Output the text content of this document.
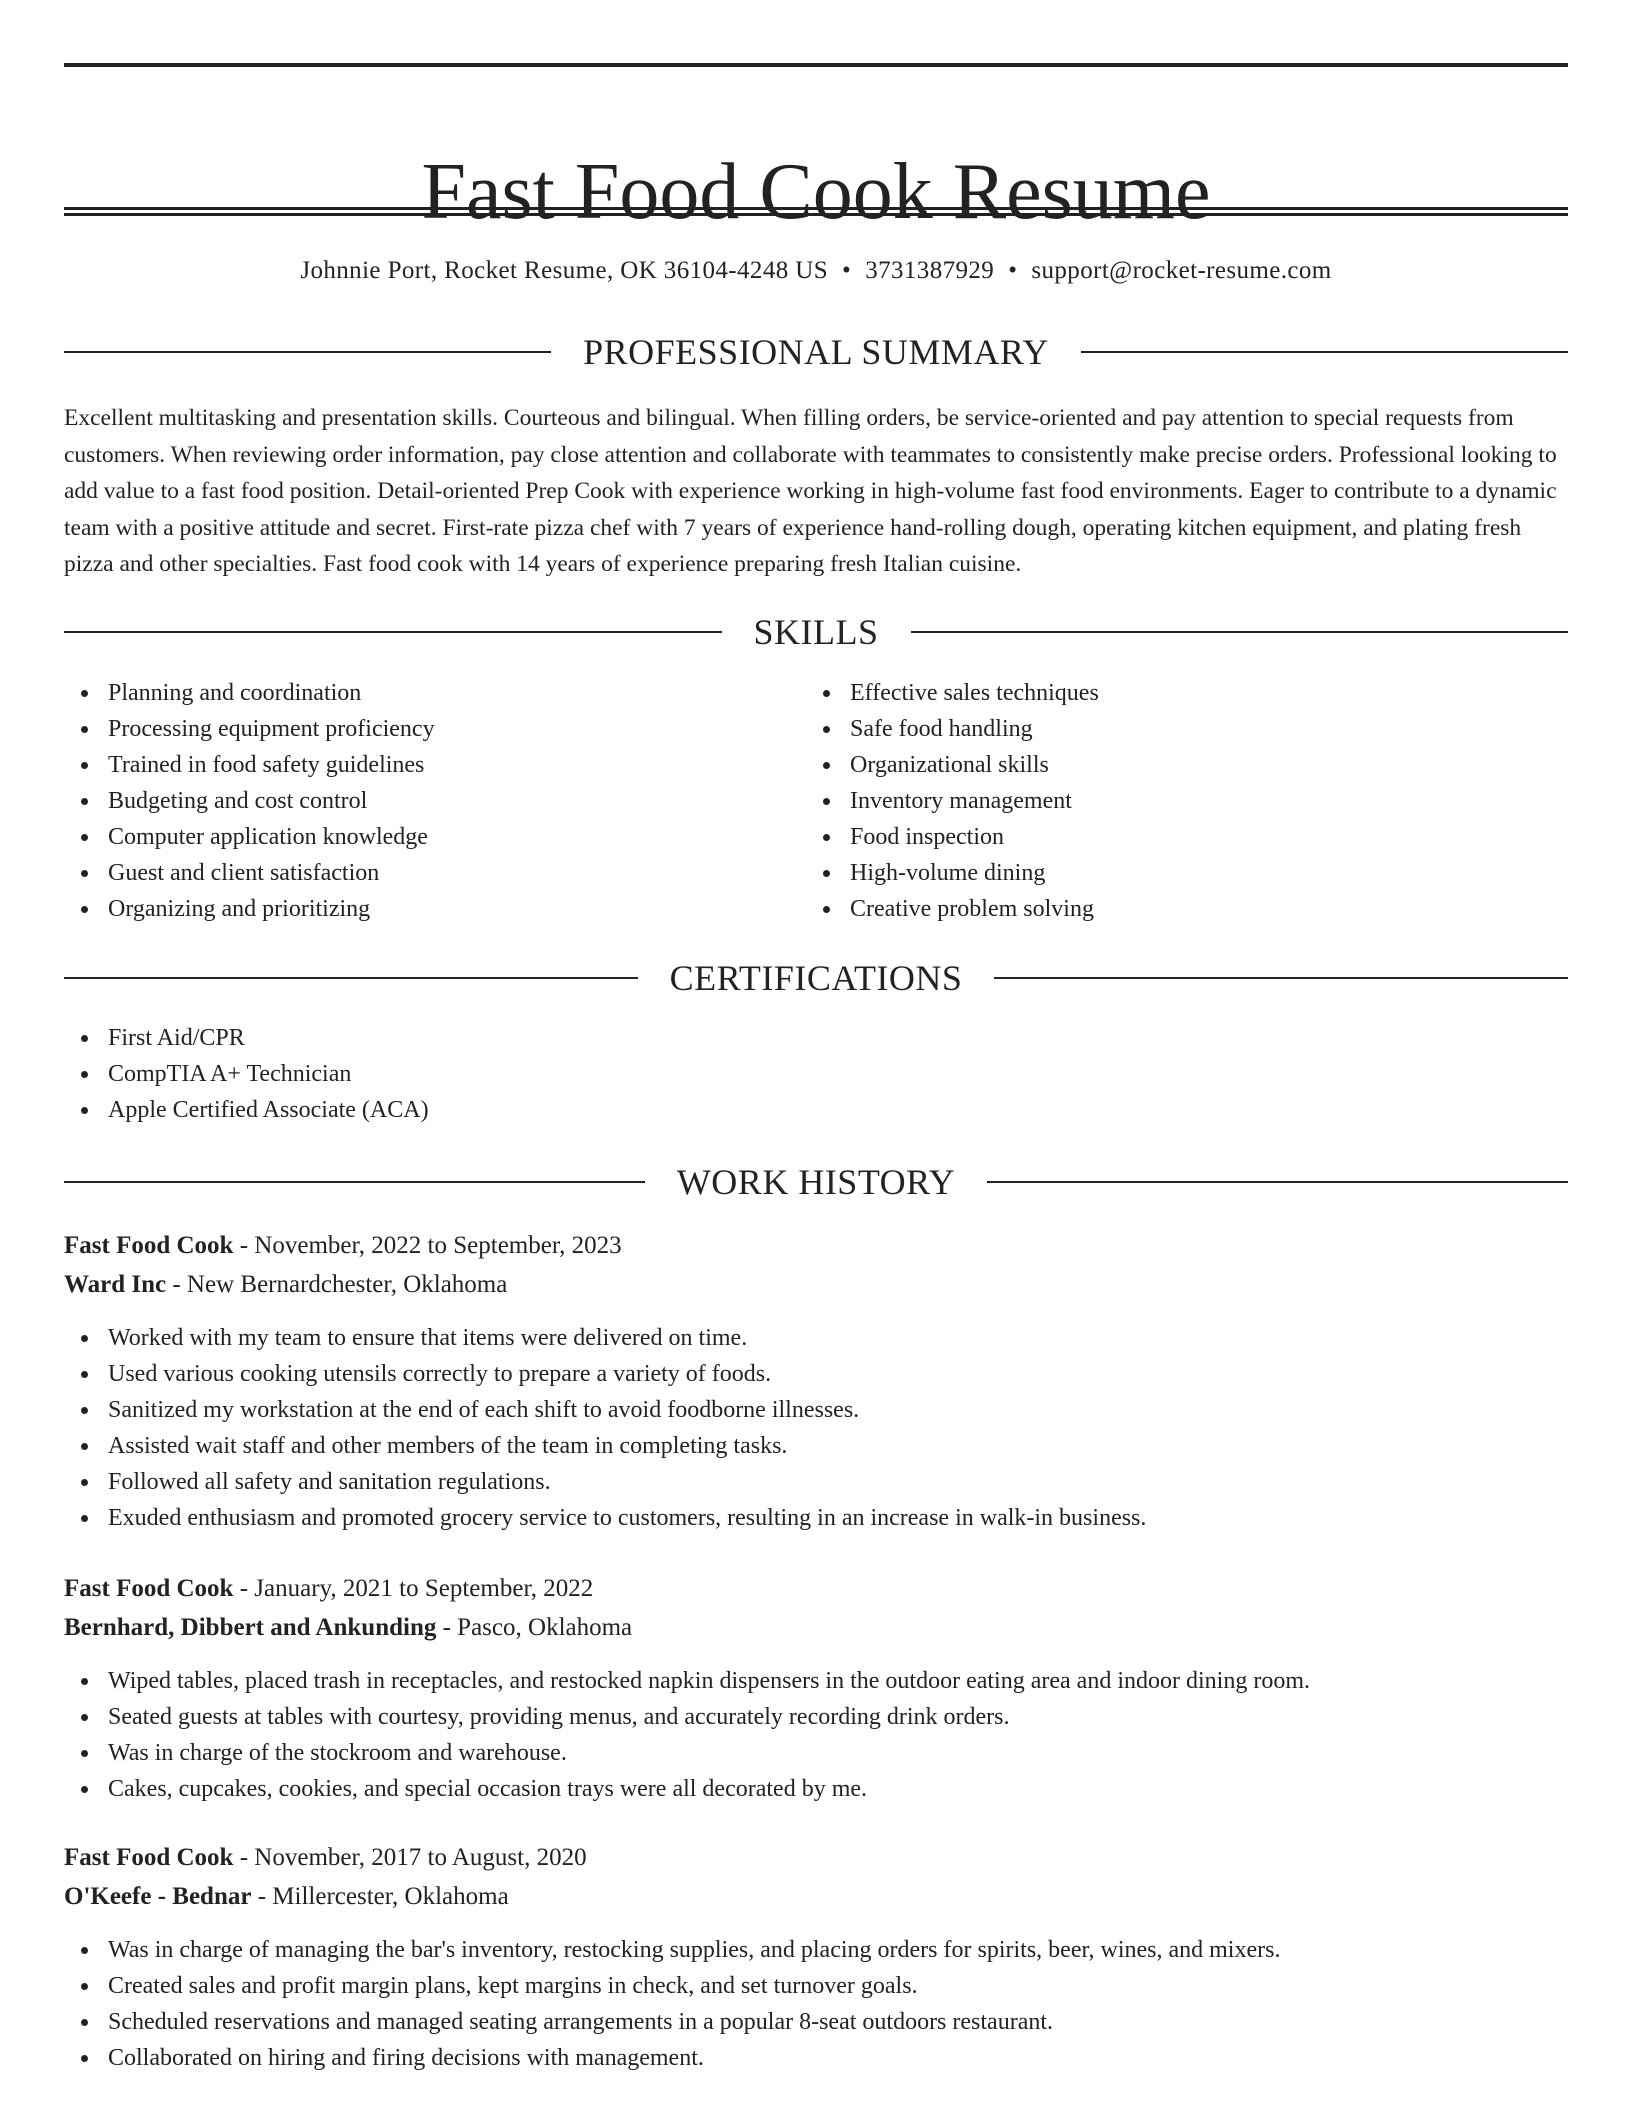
Fast Food Cook Resume
Johnnie Port, Rocket Resume, OK 36104-4248 US • 3731387929 • support@rocket-resume.com
PROFESSIONAL SUMMARY

Excellent multitasking and presentation skills. Courteous and bilingual. When filling orders, be service-oriented and pay attention to special requests from customers. When reviewing order information, pay close attention and collaborate with teammates to consistently make precise orders. Professional looking to add value to a fast food position. Detail-oriented Prep Cook with experience working in high-volume fast food environments. Eager to contribute to a dynamic team with a positive attitude and secret. First-rate pizza chef with 7 years of experience hand-rolling dough, operating kitchen equipment, and plating fresh pizza and other specialties. Fast food cook with 14 years of experience preparing fresh Italian cuisine.

SKILLS
Planning and coordination
Processing equipment proficiency
Trained in food safety guidelines
Budgeting and cost control
Computer application knowledge
Guest and client satisfaction
Organizing and prioritizing
Effective sales techniques
Safe food handling
Organizational skills
Inventory management
Food inspection
High-volume dining
Creative problem solving
CERTIFICATIONS
First Aid/CPR
CompTIA A+ Technician
Apple Certified Associate (ACA)
WORK HISTORY
Fast Food Cook - November, 2022 to September, 2023
Ward Inc - New Bernardchester, Oklahoma
Worked with my team to ensure that items were delivered on time.
Used various cooking utensils correctly to prepare a variety of foods.
Sanitized my workstation at the end of each shift to avoid foodborne illnesses.
Assisted wait staff and other members of the team in completing tasks.
Followed all safety and sanitation regulations.
Exuded enthusiasm and promoted grocery service to customers, resulting in an increase in walk-in business.
Fast Food Cook - January, 2021 to September, 2022
Bernhard, Dibbert and Ankunding - Pasco, Oklahoma
Wiped tables, placed trash in receptacles, and restocked napkin dispensers in the outdoor eating area and indoor dining room.
Seated guests at tables with courtesy, providing menus, and accurately recording drink orders.
Was in charge of the stockroom and warehouse.
Cakes, cupcakes, cookies, and special occasion trays were all decorated by me.
Fast Food Cook - November, 2017 to August, 2020
O'Keefe - Bednar - Millercester, Oklahoma
Was in charge of managing the bar's inventory, restocking supplies, and placing orders for spirits, beer, wines, and mixers.
Created sales and profit margin plans, kept margins in check, and set turnover goals.
Scheduled reservations and managed seating arrangements in a popular 8-seat outdoors restaurant.
Collaborated on hiring and firing decisions with management.
